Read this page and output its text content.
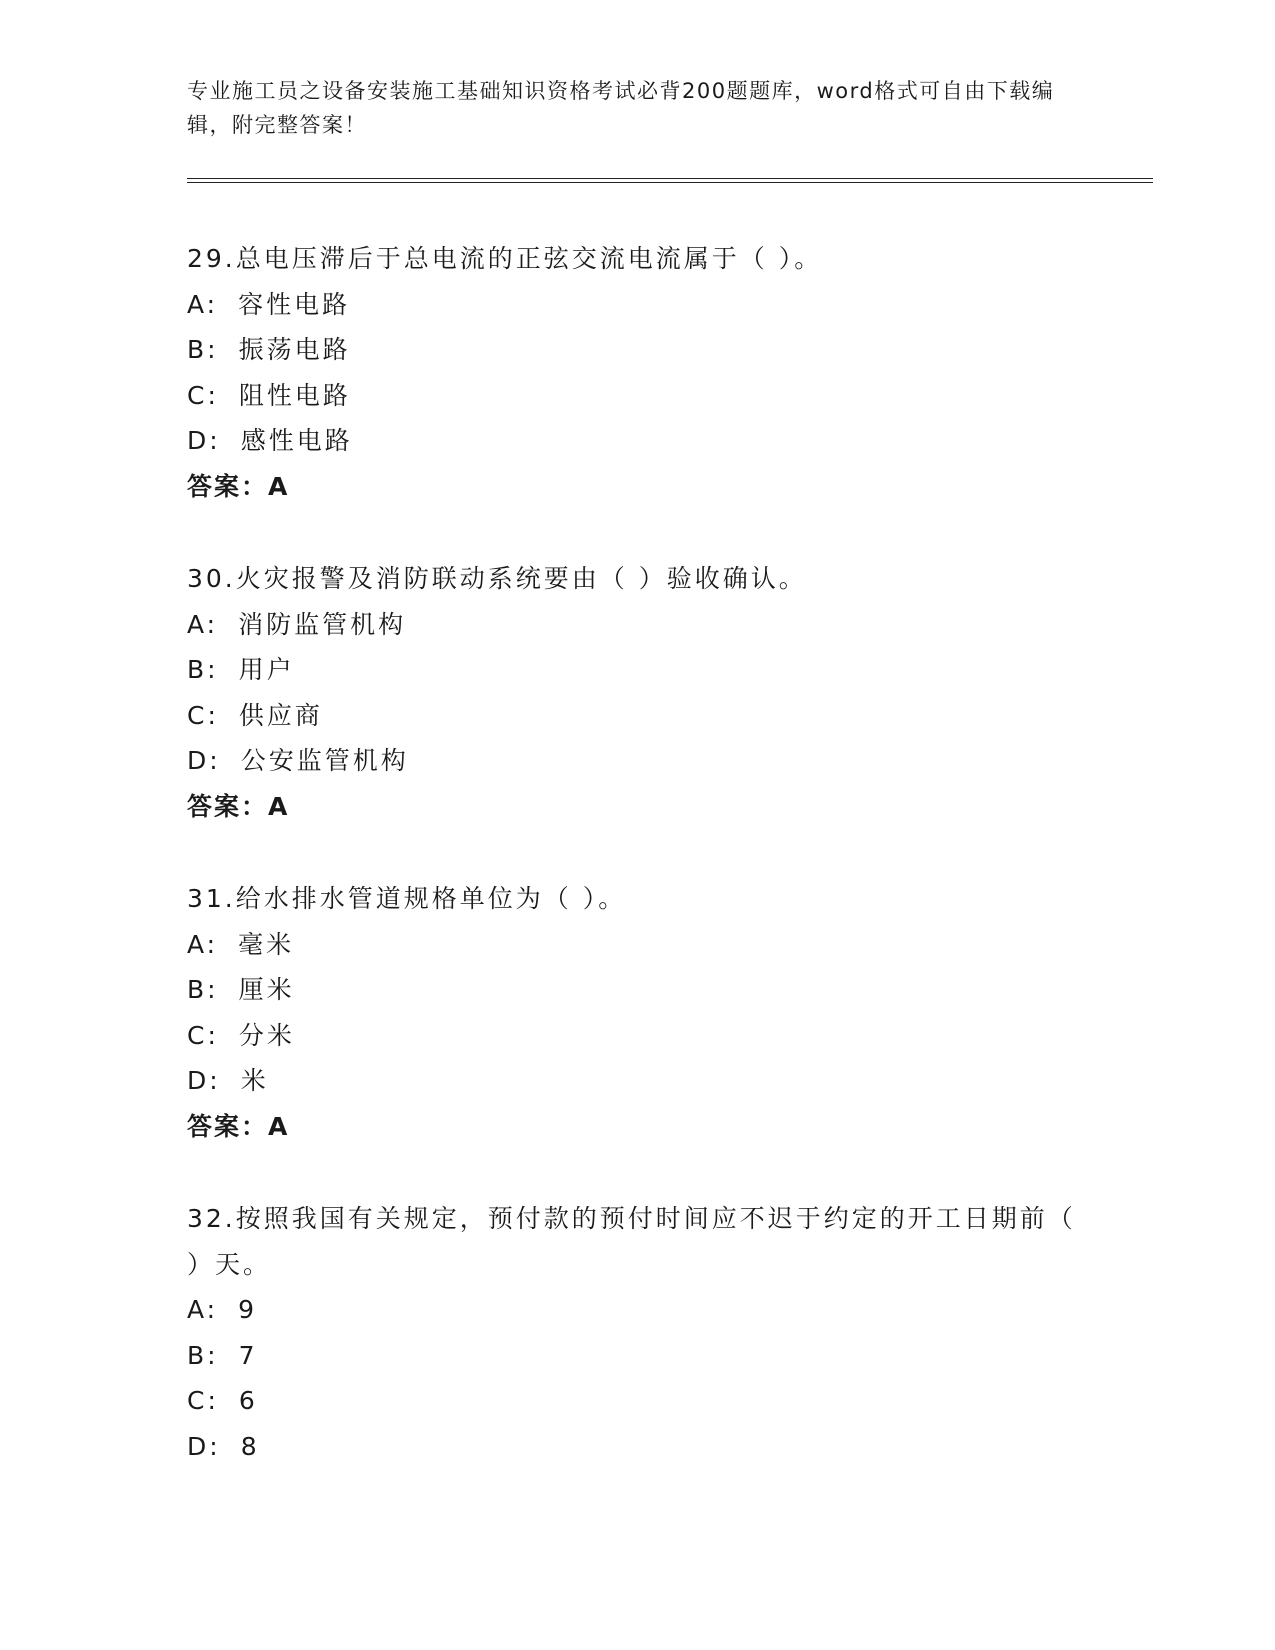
专业施工员之设备安装施工基础知识资格考试必背200题题库，word格式可自由下载编辑，附完整答案！
29.总电压滞后于总电流的正弦交流电流属于（ ）。
A: 容性电路
B: 振荡电路
C: 阻性电路
D: 感性电路
答案：A
30.火灾报警及消防联动系统要由（ ）验收确认。
A: 消防监管机构
B: 用户
C: 供应商
D: 公安监管机构
答案：A
31.给水排水管道规格单位为（ ）。
A: 毫米
B: 厘米
C: 分米
D: 米
答案：A
32.按照我国有关规定，预付款的预付时间应不迟于约定的开工日期前（ ）天。
A: 9
B: 7
C: 6
D: 8
